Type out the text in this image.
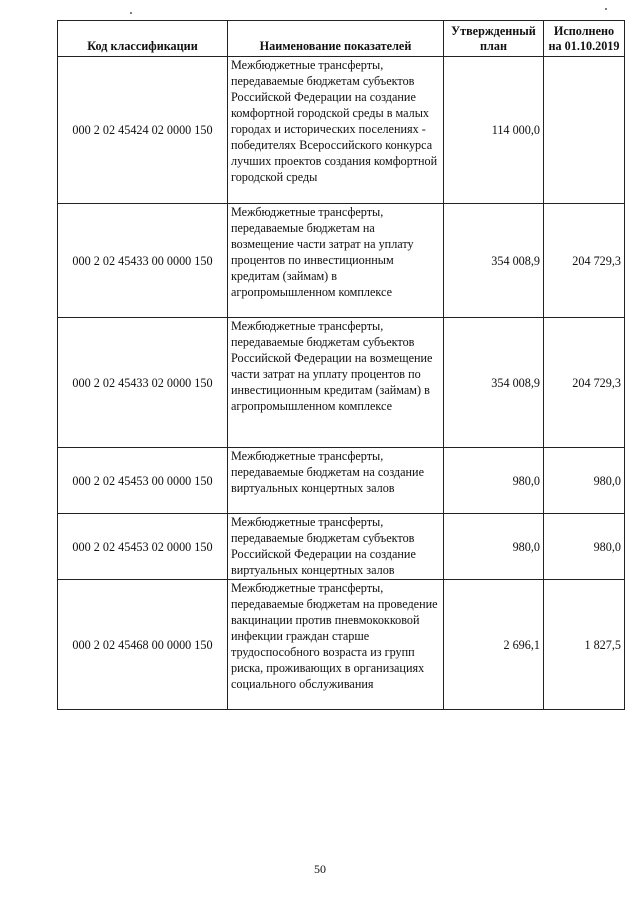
Код классификации	Наименование показателей	Утвержденный план	Исполнено на 01.10.2019
000 2 02 45424 02 0000 150	Межбюджетные трансферты, передаваемые бюджетам субъектов Российской Федерации на создание комфортной городской среды в малых городах и исторических поселениях - победителях Всероссийского конкурса лучших проектов создания комфортной городской среды	114 000,0	
000 2 02 45433 00 0000 150	Межбюджетные трансферты, передаваемые бюджетам на возмещение части затрат на уплату процентов по инвестиционным кредитам (займам) в агропромышленном комплексе	354 008,9	204 729,3
000 2 02 45433 02 0000 150	Межбюджетные трансферты, передаваемые бюджетам субъектов Российской Федерации на возмещение части затрат на уплату процентов по инвестиционным кредитам (займам) в агропромышленном комплексе	354 008,9	204 729,3
000 2 02 45453 00 0000 150	Межбюджетные трансферты, передаваемые бюджетам на создание виртуальных концертных залов	980,0	980,0
000 2 02 45453 02 0000 150	Межбюджетные трансферты, передаваемые бюджетам субъектов Российской Федерации на создание виртуальных концертных залов	980,0	980,0
000 2 02 45468 00 0000 150	Межбюджетные трансферты, передаваемые бюджетам на проведение вакцинации против пневмококковой инфекции граждан старше трудоспособного возраста из групп риска, проживающих в организациях социального обслуживания	2 696,1	1 827,5
50
